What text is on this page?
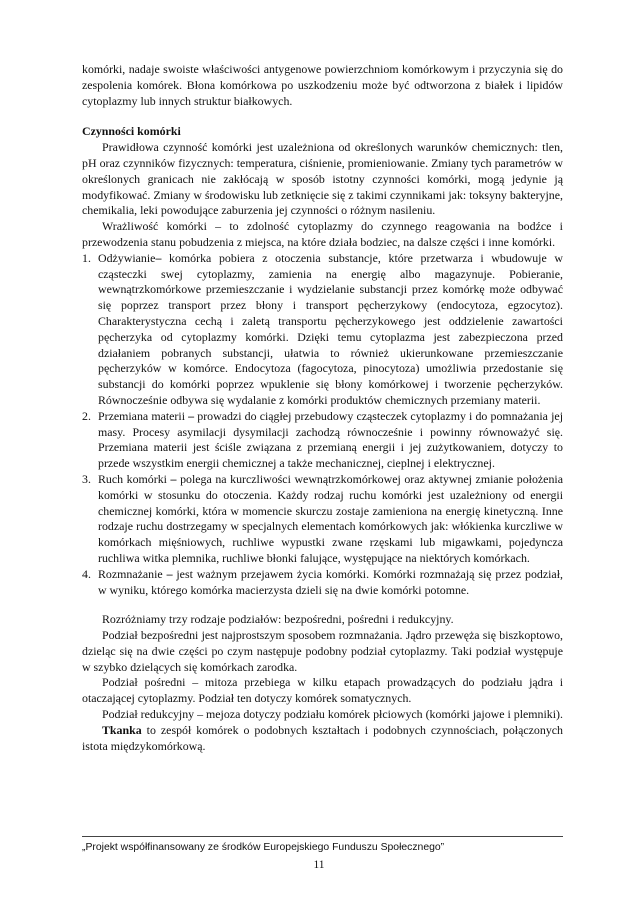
komórki, nadaje swoiste właściwości antygenowe powierzchniom komórkowym i przyczynia się do zespolenia komórek. Błona komórkowa po uszkodzeniu może być odtworzona z białek i lipidów cytoplazmy lub innych struktur białkowych.

Czynności komórki

Prawidłowa czynność komórki jest uzależniona od określonych warunków chemicznych: tlen, pH oraz czynników fizycznych: temperatura, ciśnienie, promieniowanie. Zmiany tych parametrów w określonych granicach nie zakłócają w sposób istotny czynności komórki, mogą jedynie ją modyfikować. Zmiany w środowisku lub zetknięcie się z takimi czynnikami jak: toksyny bakteryjne, chemikalia, leki powodujące zaburzenia jej czynności o różnym nasileniu.

Wrażliwość komórki – to zdolność cytoplazmy do czynnego reagowania na bodźce i przewodzenia stanu pobudzenia z miejsca, na które działa bodziec, na dalsze części i inne komórki.

1. Odżywianie– komórka pobiera z otoczenia substancje, które przetwarza i wbudowuje w cząsteczki swej cytoplazmy, zamienia na energię albo magazynuje. Pobieranie, wewnątrzkomórkowe przemieszczanie i wydzielanie substancji przez komórkę może odbywać się poprzez transport przez błony i transport pęcherzykowy (endocytoza, egzocytoz). Charakterystyczna cechą i zaletą transportu pęcherzykowego jest oddzielenie zawartości pęcherzyka od cytoplazmy komórki. Dzięki temu cytoplazma jest zabezpieczona przed działaniem pobranych substancji, ułatwia to również ukierunkowane przemieszczanie pęcherzyków w komórce. Endocytoza (fagocytoza, pinocytoza) umożliwia przedostanie się substancji do komórki poprzez wpuklenie się błony komórkowej i tworzenie pęcherzyków. Równocześnie odbywa się wydalanie z komórki produktów chemicznych przemiany materii.
2. Przemiana materii – prowadzi do ciągłej przebudowy cząsteczek cytoplazmy i do pomnażania jej masy. Procesy asymilacji dysymilacji zachodzą równocześnie i powinny równoważyć się. Przemiana materii jest ściśle związana z przemianą energii i jej zużytkowaniem, dotyczy to przede wszystkim energii chemicznej a także mechanicznej, cieplnej i elektrycznej.
3. Ruch komórki – polega na kurczliwości wewnątrzkomórkowej oraz aktywnej zmianie położenia komórki w stosunku do otoczenia. Każdy rodzaj ruchu komórki jest uzależniony od energii chemicznej komórki, która w momencie skurczu zostaje zamieniona na energię kinetyczną. Inne rodzaje ruchu dostrzegamy w specjalnych elementach komórkowych jak: włókienka kurczliwe w komórkach mięśniowych, ruchliwe wypustki zwane rzęskami lub migawkami, pojedyncza ruchliwa witka plemnika, ruchliwe błonki falujące, występujące na niektórych komórkach.
4. Rozmnażanie – jest ważnym przejawem życia komórki. Komórki rozmnażają się przez podział, w wyniku, którego komórka macierzysta dzieli się na dwie komórki potomne.

Rozróżniamy trzy rodzaje podziałów: bezpośredni, pośredni i redukcyjny.

Podział bezpośredni jest najprostszym sposobem rozmnażania. Jądro przewęża się biszkoptowo, dzieląc się na dwie części po czym następuje podobny podział cytoplazmy. Taki podział występuje w szybko dzielących się komórkach zarodka.

Podział pośredni – mitoza przebiega w kilku etapach prowadzących do podziału jądra i otaczającej cytoplazmy. Podział ten dotyczy komórek somatycznych.

Podział redukcyjny – mejoza dotyczy podziału komórek płciowych (komórki jajowe i plemniki).

Tkanka to zespół komórek o podobnych kształtach i podobnych czynnościach, połączonych istota międzykomórkową.

„Projekt współfinansowany ze środków Europejskiego Funduszu Społecznego”
11
